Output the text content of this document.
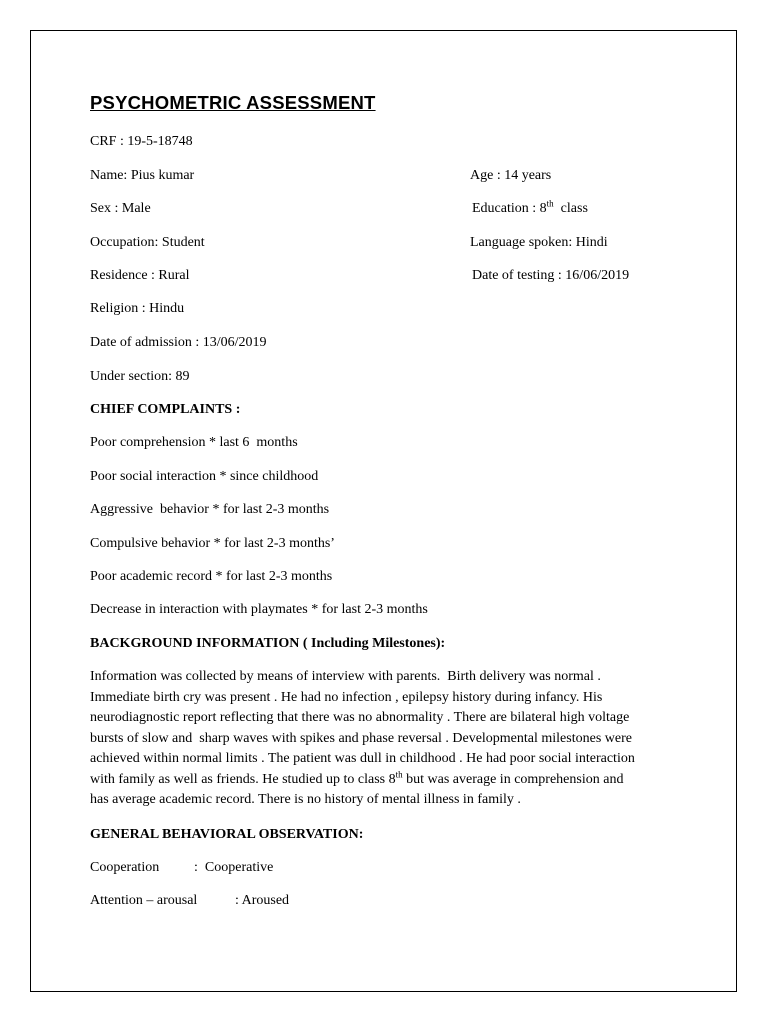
PSYCHOMETRIC ASSESSMENT
CRF : 19-5-18748
Name: Pius kumar	Age : 14 years
Sex : Male	Education : 8th  class
Occupation: Student	Language spoken: Hindi
Residence : Rural	Date of testing : 16/06/2019
Religion : Hindu
Date of admission : 13/06/2019
Under section: 89
CHIEF COMPLAINTS :
Poor comprehension * last 6  months
Poor social interaction * since childhood
Aggressive  behavior * for last 2-3 months
Compulsive behavior * for last 2-3 months’
Poor academic record * for last 2-3 months
Decrease in interaction with playmates * for last 2-3 months
BACKGROUND INFORMATION ( Including Milestones):
Information was collected by means of interview with parents.  Birth delivery was normal .
Immediate birth cry was present . He had no infection , epilepsy history during infancy. His
neurodiagnostic report reflecting that there was no abnormality . There are bilateral high voltage
bursts of slow and  sharp waves with spikes and phase reversal . Developmental milestones were
achieved within normal limits . The patient was dull in childhood . He had poor social interaction
with family as well as friends. He studied up to class 8th but was average in comprehension and
has average academic record. There is no history of mental illness in family .
GENERAL BEHAVIORAL OBSERVATION:
Cooperation :  Cooperative
Attention – arousal	: Aroused
